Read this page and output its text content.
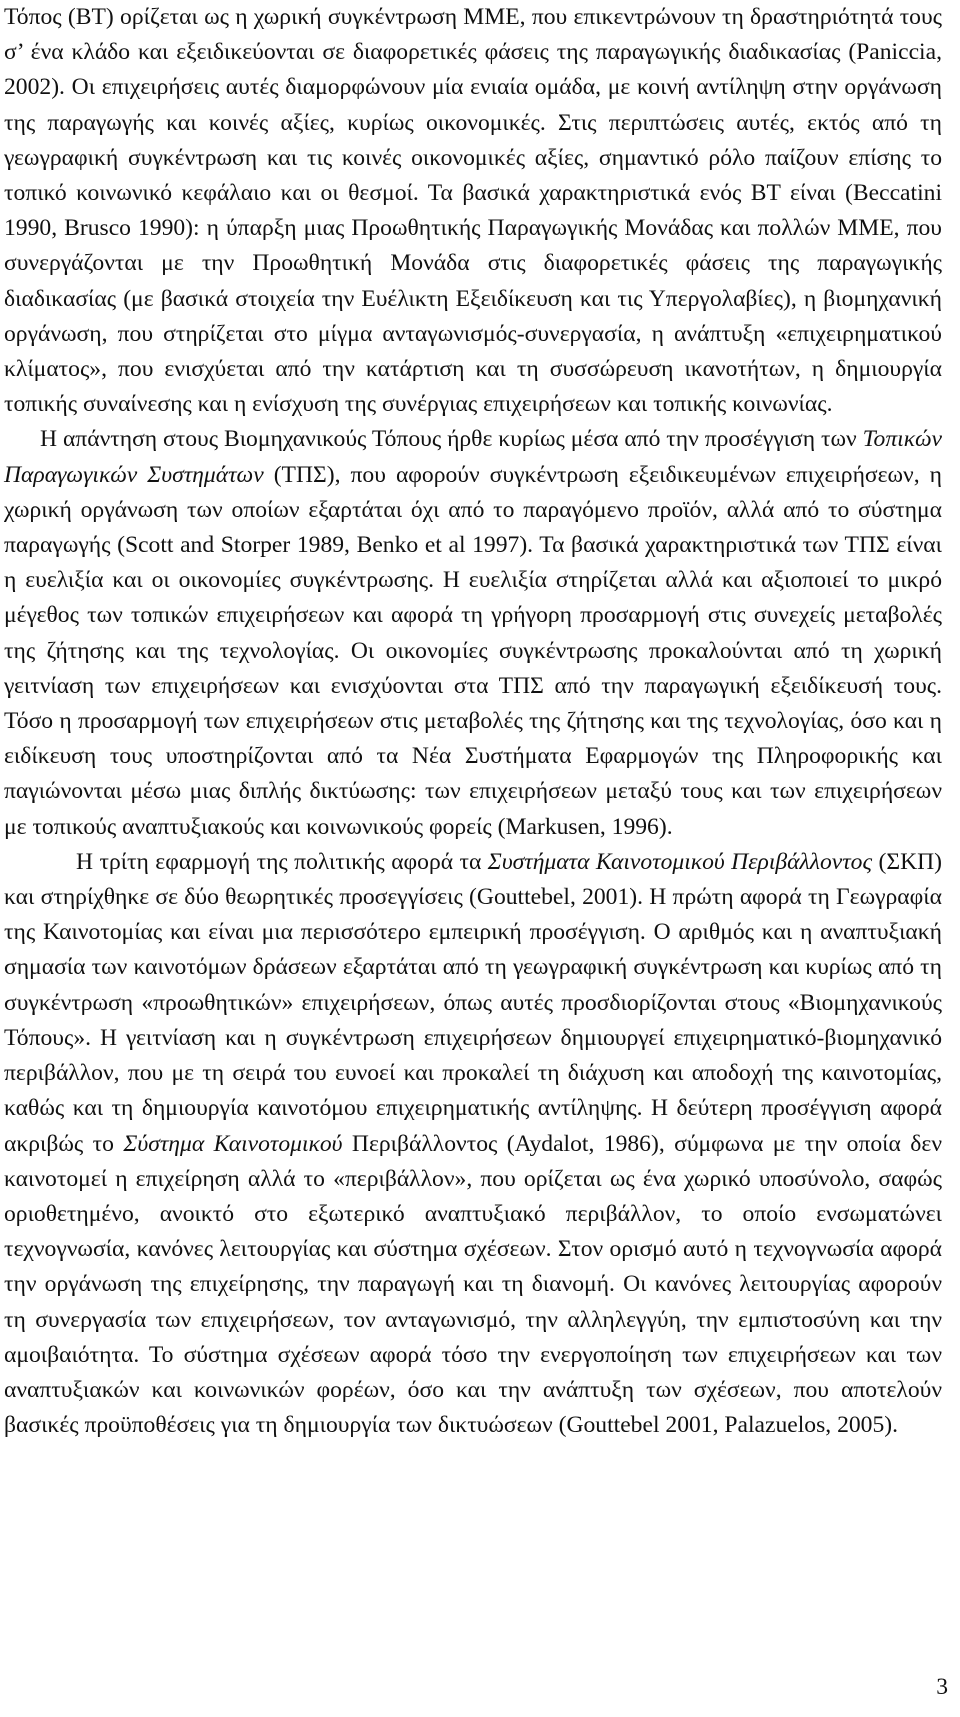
Τόπος (ΒΤ) ορίζεται ως η χωρική συγκέντρωση ΜΜΕ, που επικεντρώνουν τη δραστηριότητά τους σ’ ένα κλάδο και εξειδικεύονται σε διαφορετικές φάσεις της παραγωγικής διαδικασίας (Paniccia, 2002). Οι επιχειρήσεις αυτές διαμορφώνουν μία ενιαία ομάδα, με κοινή αντίληψη στην οργάνωση της παραγωγής και κοινές αξίες, κυρίως οικονομικές. Στις περιπτώσεις αυτές, εκτός από τη γεωγραφική συγκέντρωση και τις κοινές οικονομικές αξίες, σημαντικό ρόλο παίζουν επίσης το τοπικό κοινωνικό κεφάλαιο και οι θεσμοί. Τα βασικά χαρακτηριστικά ενός ΒΤ είναι (Beccatini 1990, Brusco 1990): η ύπαρξη μιας Προωθητικής Παραγωγικής Μονάδας και πολλών ΜΜΕ, που συνεργάζονται με την Προωθητική Μονάδα στις διαφορετικές φάσεις της παραγωγικής διαδικασίας (με βασικά στοιχεία την Ευέλικτη Εξειδίκευση και τις Υπεργολαβίες), η βιομηχανική οργάνωση, που στηρίζεται στο μίγμα ανταγωνισμός-συνεργασία, η ανάπτυξη «επιχειρηματικού κλίματος», που ενισχύεται από την κατάρτιση και τη συσσώρευση ικανοτήτων, η δημιουργία τοπικής συναίνεσης και η ενίσχυση της συνέργιας επιχειρήσεων και τοπικής κοινωνίας.

Η απάντηση στους Βιομηχανικούς Τόπους ήρθε κυρίως μέσα από την προσέγγιση των Τοπικών Παραγωγικών Συστημάτων (ΤΠΣ), που αφορούν συγκέντρωση εξειδικευμένων επιχειρήσεων, η χωρική οργάνωση των οποίων εξαρτάται όχι από το παραγόμενο προϊόν, αλλά από το σύστημα παραγωγής (Scott and Storper 1989, Benko et al 1997). Τα βασικά χαρακτηριστικά των ΤΠΣ είναι η ευελιξία και οι οικονομίες συγκέντρωσης. Η ευελιξία στηρίζεται αλλά και αξιοποιεί το μικρό μέγεθος των τοπικών επιχειρήσεων και αφορά τη γρήγορη προσαρμογή στις συνεχείς μεταβολές της ζήτησης και της τεχνολογίας. Οι οικονομίες συγκέντρωσης προκαλούνται από τη χωρική γειτνίαση των επιχειρήσεων και ενισχύονται στα ΤΠΣ από την παραγωγική εξειδίκευσή τους. Τόσο η προσαρμογή των επιχειρήσεων στις μεταβολές της ζήτησης και της τεχνολογίας, όσο και η ειδίκευση τους υποστηρίζονται από τα Νέα Συστήματα Εφαρμογών της Πληροφορικής και παγιώνονται μέσω μιας διπλής δικτύωσης: των επιχειρήσεων μεταξύ τους και των επιχειρήσεων με τοπικούς αναπτυξιακούς και κοινωνικούς φορείς (Markusen, 1996).

Η τρίτη εφαρμογή της πολιτικής αφορά τα Συστήματα Καινοτομικού Περιβάλλοντος (ΣΚΠ) και στηρίχθηκε σε δύο θεωρητικές προσεγγίσεις (Gouttebel, 2001). Η πρώτη αφορά τη Γεωγραφία της Καινοτομίας και είναι μια περισσότερο εμπειρική προσέγγιση. Ο αριθμός και η αναπτυξιακή σημασία των καινοτόμων δράσεων εξαρτάται από τη γεωγραφική συγκέντρωση και κυρίως από τη συγκέντρωση «προωθητικών» επιχειρήσεων, όπως αυτές προσδιορίζονται στους «Βιομηχανικούς Τόπους». Η γειτνίαση και η συγκέντρωση επιχειρήσεων δημιουργεί επιχειρηματικό-βιομηχανικό περιβάλλον, που με τη σειρά του ευνοεί και προκαλεί τη διάχυση και αποδοχή της καινοτομίας, καθώς και τη δημιουργία καινοτόμου επιχειρηματικής αντίληψης. Η δεύτερη προσέγγιση αφορά ακριβώς το Σύστημα Καινοτομικού Περιβάλλοντος (Aydalot, 1986), σύμφωνα με την οποία δεν καινοτομεί η επιχείρηση αλλά το «περιβάλλον», που ορίζεται ως ένα χωρικό υποσύνολο, σαφώς οριοθετημένο, ανοικτό στο εξωτερικό αναπτυξιακό περιβάλλον, το οποίο ενσωματώνει τεχνογνωσία, κανόνες λειτουργίας και σύστημα σχέσεων. Στον ορισμό αυτό η τεχνογνωσία αφορά την οργάνωση της επιχείρησης, την παραγωγή και τη διανομή. Οι κανόνες λειτουργίας αφορούν τη συνεργασία των επιχειρήσεων, τον ανταγωνισμό, την αλληλεγγύη, την εμπιστοσύνη και την αμοιβαιότητα. Το σύστημα σχέσεων αφορά τόσο την ενεργοποίηση των επιχειρήσεων και των αναπτυξιακών και κοινωνικών φορέων, όσο και την ανάπτυξη των σχέσεων, που αποτελούν βασικές προϋποθέσεις για τη δημιουργία των δικτυώσεων (Gouttebel 2001, Palazuelos, 2005).

3
